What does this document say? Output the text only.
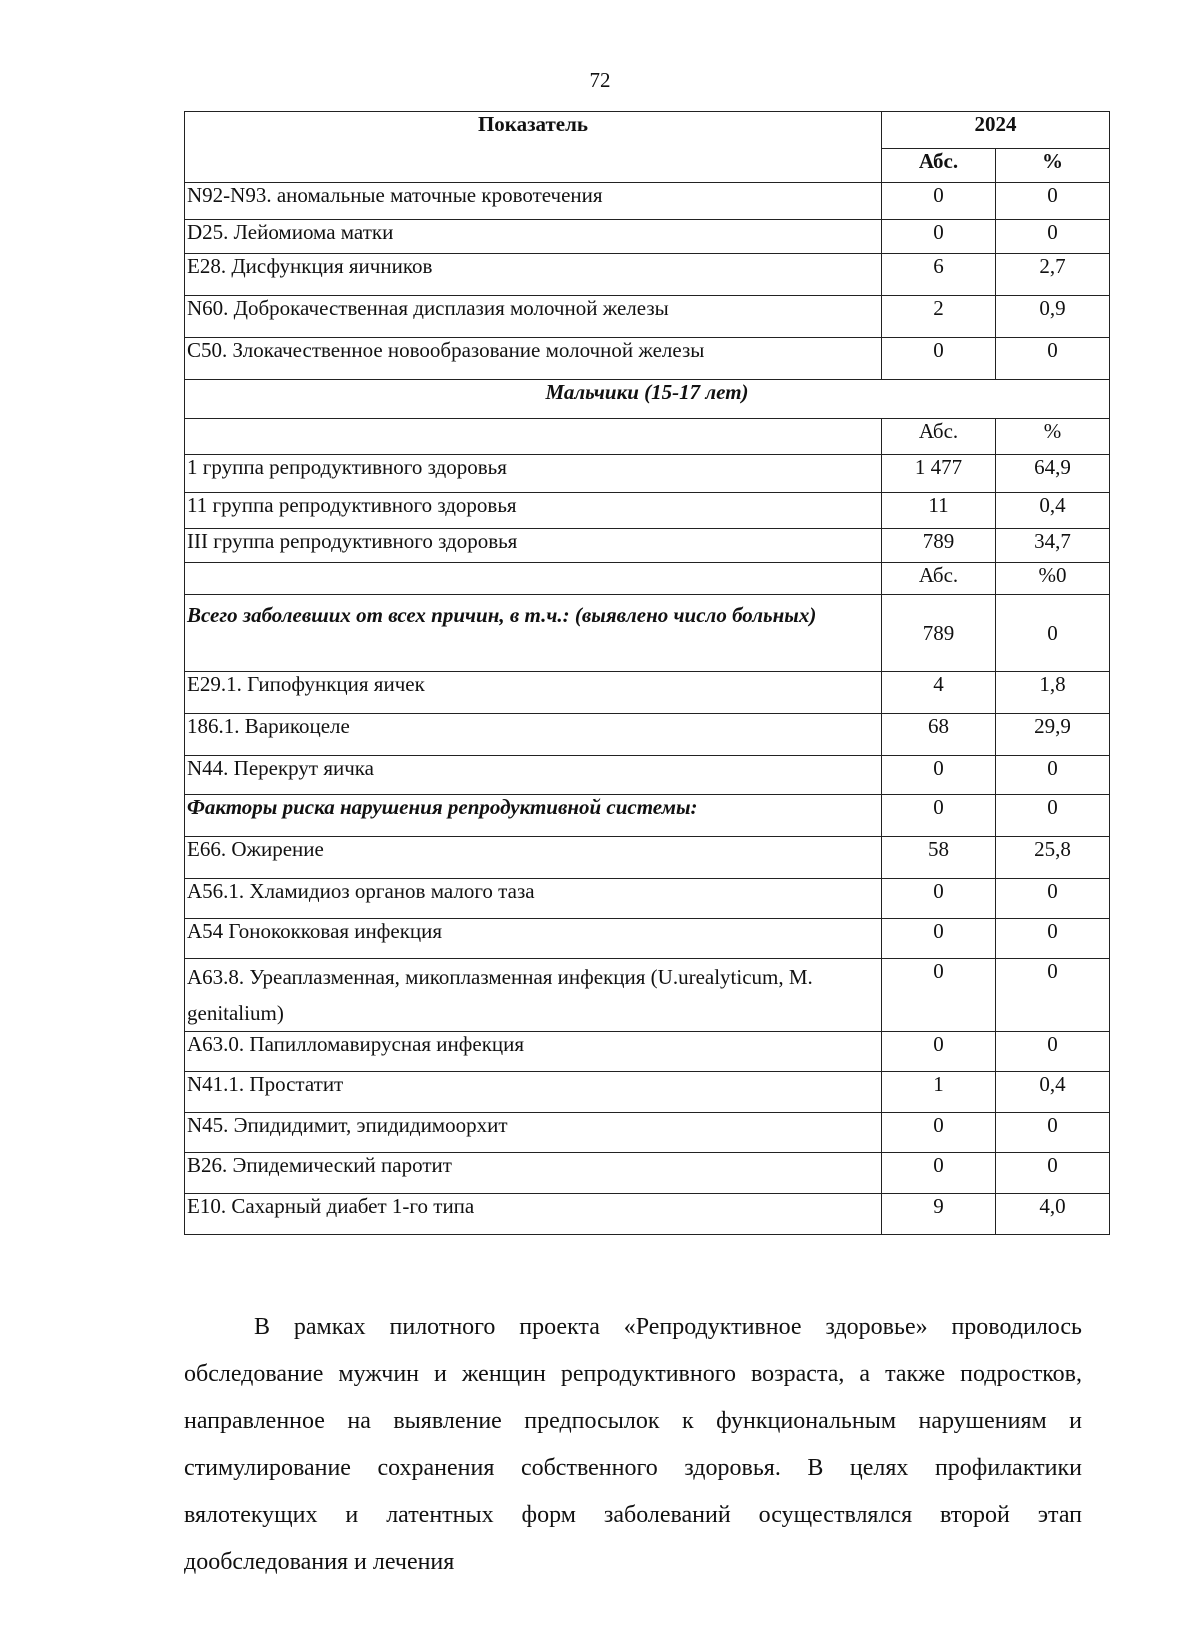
72
Показатель	2024	
	Абс.	%
N92-N93. аномальные маточные кровотечения	0	0
D25. Лейомиома матки	0	0
E28. Дисфункция яичников	6	2,7
N60. Доброкачественная дисплазия молочной железы	2	0,9
C50. Злокачественное новообразование молочной железы	0	0
Мальчики (15-17 лет)		
	Абс.	%
1 группа репродуктивного здоровья	1 477	64,9
11 группа репродуктивного здоровья	11	0,4
III группа репродуктивного здоровья	789	34,7
	Абс.	%0
Всего заболевших от всех причин, в т.ч.: (выявлено число больных)	789	0
E29.1. Гипофункция яичек	4	1,8
186.1. Варикоцеле	68	29,9
N44. Перекрут яичка	0	0
Факторы риска нарушения репродуктивной системы:	0	0
E66. Ожирение	58	25,8
A56.1. Хламидиоз органов малого таза	0	0
A54 Гонококковая инфекция	0	0
A63.8. Уреаплазменная, микоплазменная инфекция (U.urealyticum, M. genitalium)	0	0
A63.0. Папилломавирусная инфекция	0	0
N41.1. Простатит	1	0,4
N45. Эпидидимит, эпидидимоорхит	0	0
B26. Эпидемический паротит	0	0
E10. Сахарный диабет 1-го типа	9	4,0

В рамках пилотного проекта «Репродуктивное здоровье» проводилось обследование мужчин и женщин репродуктивного возраста, а также подростков, направленное на выявление предпосылок к функциональным нарушениям и стимулирование сохранения собственного здоровья. В целях профилактики вялотекущих и латентных форм заболеваний осуществлялся второй этап дообследования и лечения
